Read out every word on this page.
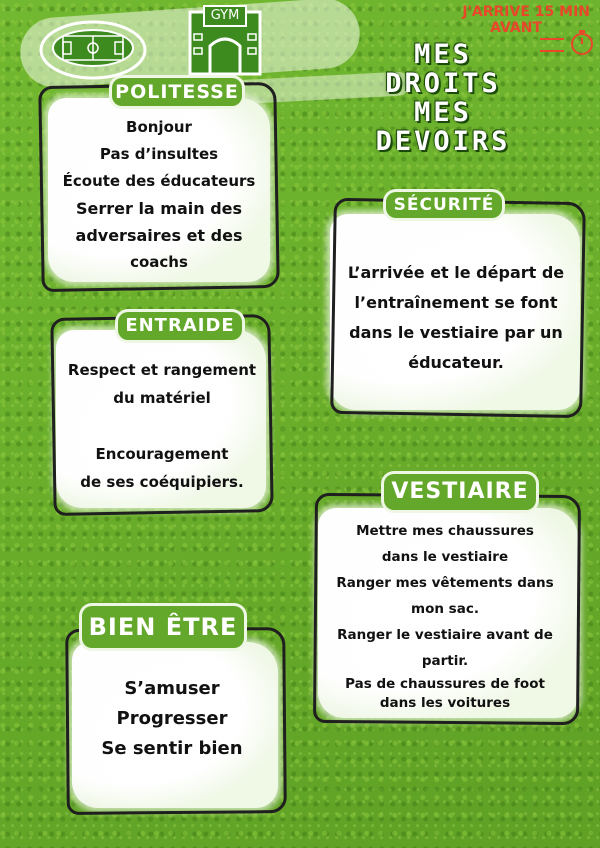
GYM	J'ARRIVE 15 MIN
AVANT
MES
DROITS
MES
DEVOIRS
POLITESSE
Bonjour
Pas d’insultes
Écoute des éducateurs
Serrer la main des
adversaires et des
coachs
SÉCURITÉ
L’arrivée et le départ de
l’entraînement se font
dans le vestiaire par un
éducateur.
ENTRAIDE
Respect et rangement
du matériel
Encouragement
de ses coéquipiers.	VESTIAIRE
Mettre mes chaussures
dans le vestiaire
Ranger mes vêtements dans
mon sac.
Ranger le vestiaire avant de
partir.
Pas de chaussures de foot
dans les voitures
BIEN ÊTRE
S’amuser
Progresser
Se sentir bien
